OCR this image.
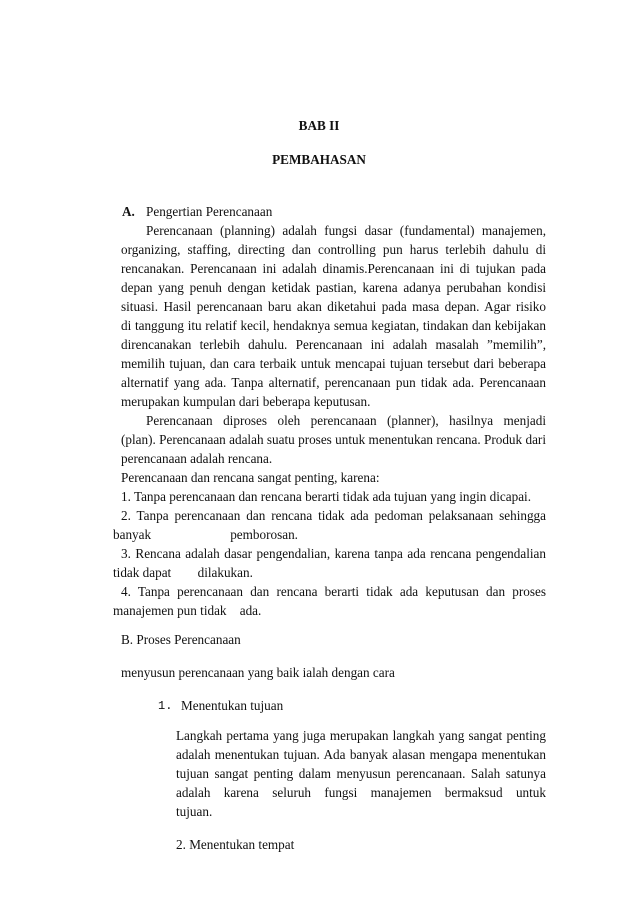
BAB II
PEMBAHASAN
A. Pengertian Perencanaan
Perencanaan (planning) adalah fungsi dasar (fundamental) manajemen,
organizing, staffing, directing dan controlling pun harus terlebih dahulu di
rencanakan. Perencanaan ini adalah dinamis.Perencanaan ini di tujukan pada
depan yang penuh dengan ketidak pastian, karena adanya perubahan kondisi
situasi. Hasil perencanaan baru akan diketahui pada masa depan. Agar risiko
di tanggung itu relatif kecil, hendaknya semua kegiatan, tindakan dan kebijakan
direncanakan terlebih dahulu. Perencanaan ini adalah masalah ”memilih”,
memilih tujuan, dan cara terbaik untuk mencapai tujuan tersebut dari beberapa
alternatif yang ada. Tanpa alternatif, perencanaan pun tidak ada. Perencanaan
merupakan kumpulan dari beberapa keputusan.
Perencanaan diproses oleh perencanaan (planner), hasilnya menjadi
(plan). Perencanaan adalah suatu proses untuk menentukan rencana. Produk dari
perencanaan adalah rencana.
Perencanaan dan rencana sangat penting, karena:
1. Tanpa perencanaan dan rencana berarti tidak ada tujuan yang ingin dicapai.
2. Tanpa perencanaan dan rencana tidak ada pedoman pelaksanaan sehingga
banyak                        pemborosan.
3. Rencana adalah dasar pengendalian, karena tanpa ada rencana pengendalian
tidak dapat        dilakukan.
4. Tanpa perencanaan dan rencana berarti tidak ada keputusan dan proses
manajemen pun tidak    ada.
B. Proses Perencanaan
menyusun perencanaan yang baik ialah dengan cara
1. Menentukan tujuan
Langkah pertama yang juga merupakan langkah yang sangat penting
adalah menentukan tujuan. Ada banyak alasan mengapa menentukan
tujuan sangat penting dalam menyusun perencanaan. Salah satunya
adalah karena seluruh fungsi manajemen bermaksud untuk
tujuan.
2. Menentukan tempat
